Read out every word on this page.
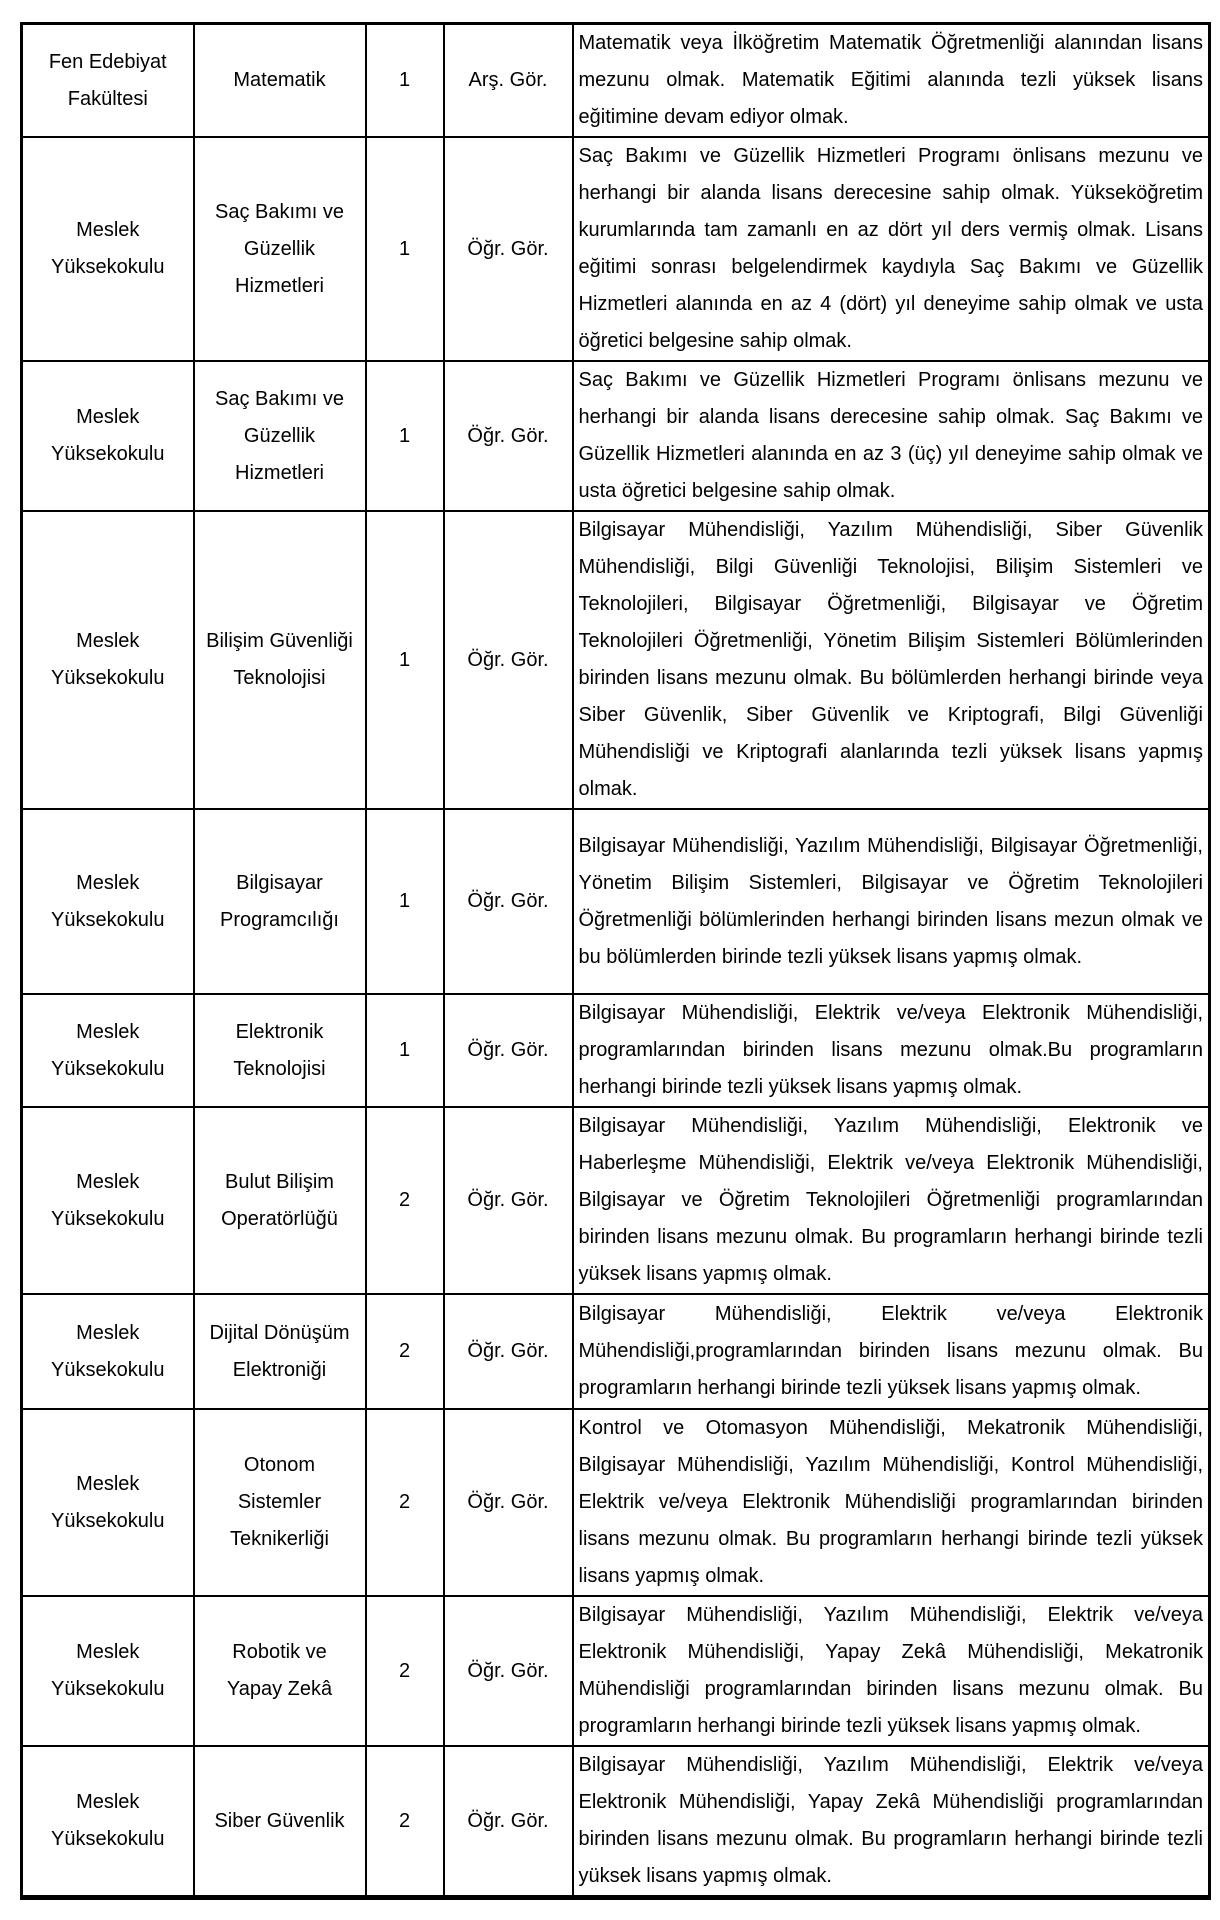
Fen Edebiyat Fakültesi	Matematik	1	Arş. Gör.	Matematik veya İlköğretim Matematik Öğretmenliği alanından lisans mezunu olmak. Matematik Eğitimi alanında tezli yüksek lisans eğitimine devam ediyor olmak.
Meslek Yüksekokulu	Saç Bakımı ve Güzellik Hizmetleri	1	Öğr. Gör.	Saç Bakımı ve Güzellik Hizmetleri Programı önlisans mezunu ve herhangi bir alanda lisans derecesine sahip olmak. Yükseköğretim kurumlarında tam zamanlı en az dört yıl ders vermiş olmak. Lisans eğitimi sonrası belgelendirmek kaydıyla Saç Bakımı ve Güzellik Hizmetleri alanında en az 4 (dört) yıl deneyime sahip olmak ve usta öğretici belgesine sahip olmak.
Meslek Yüksekokulu	Saç Bakımı ve Güzellik Hizmetleri	1	Öğr. Gör.	Saç Bakımı ve Güzellik Hizmetleri Programı önlisans mezunu ve herhangi bir alanda lisans derecesine sahip olmak. Saç Bakımı ve Güzellik Hizmetleri alanında en az 3 (üç) yıl deneyime sahip olmak ve usta öğretici belgesine sahip olmak.
Meslek Yüksekokulu	Bilişim Güvenliği Teknolojisi	1	Öğr. Gör.	Bilgisayar Mühendisliği, Yazılım Mühendisliği, Siber Güvenlik Mühendisliği, Bilgi Güvenliği Teknolojisi, Bilişim Sistemleri ve Teknolojileri, Bilgisayar Öğretmenliği, Bilgisayar ve Öğretim Teknolojileri Öğretmenliği, Yönetim Bilişim Sistemleri Bölümlerinden birinden lisans mezunu olmak. Bu bölümlerden herhangi birinde veya Siber Güvenlik, Siber Güvenlik ve Kriptografi, Bilgi Güvenliği Mühendisliği ve Kriptografi alanlarında tezli yüksek lisans yapmış olmak.
Meslek Yüksekokulu	Bilgisayar Programcılığı	1	Öğr. Gör.	Bilgisayar Mühendisliği, Yazılım Mühendisliği, Bilgisayar Öğretmenliği, Yönetim Bilişim Sistemleri, Bilgisayar ve Öğretim Teknolojileri Öğretmenliği bölümlerinden herhangi birinden lisans mezun olmak ve bu bölümlerden birinde tezli yüksek lisans yapmış olmak.
Meslek Yüksekokulu	Elektronik Teknolojisi	1	Öğr. Gör.	Bilgisayar Mühendisliği, Elektrik ve/veya Elektronik Mühendisliği, programlarından birinden lisans mezunu olmak.Bu programların herhangi birinde tezli yüksek lisans yapmış olmak.
Meslek Yüksekokulu	Bulut Bilişim Operatörlüğü	2	Öğr. Gör.	Bilgisayar Mühendisliği, Yazılım Mühendisliği, Elektronik ve Haberleşme Mühendisliği, Elektrik ve/veya Elektronik Mühendisliği, Bilgisayar ve Öğretim Teknolojileri Öğretmenliği programlarından birinden lisans mezunu olmak. Bu programların herhangi birinde tezli yüksek lisans yapmış olmak.
Meslek Yüksekokulu	Dijital Dönüşüm Elektroniği	2	Öğr. Gör.	Bilgisayar Mühendisliği, Elektrik ve/veya Elektronik Mühendisliği,programlarından birinden lisans mezunu olmak. Bu programların herhangi birinde tezli yüksek lisans yapmış olmak.
Meslek Yüksekokulu	Otonom Sistemler Teknikerliği	2	Öğr. Gör.	Kontrol ve Otomasyon Mühendisliği, Mekatronik Mühendisliği, Bilgisayar Mühendisliği, Yazılım Mühendisliği, Kontrol Mühendisliği, Elektrik ve/veya Elektronik Mühendisliği programlarından birinden lisans mezunu olmak. Bu programların herhangi birinde tezli yüksek lisans yapmış olmak.
Meslek Yüksekokulu	Robotik ve Yapay Zekâ	2	Öğr. Gör.	Bilgisayar Mühendisliği, Yazılım Mühendisliği, Elektrik ve/veya Elektronik Mühendisliği, Yapay Zekâ Mühendisliği, Mekatronik Mühendisliği programlarından birinden lisans mezunu olmak. Bu programların herhangi birinde tezli yüksek lisans yapmış olmak.
Meslek Yüksekokulu	Siber Güvenlik	2	Öğr. Gör.	Bilgisayar Mühendisliği, Yazılım Mühendisliği, Elektrik ve/veya Elektronik Mühendisliği, Yapay Zekâ Mühendisliği programlarından birinden lisans mezunu olmak. Bu programların herhangi birinde tezli yüksek lisans yapmış olmak.
